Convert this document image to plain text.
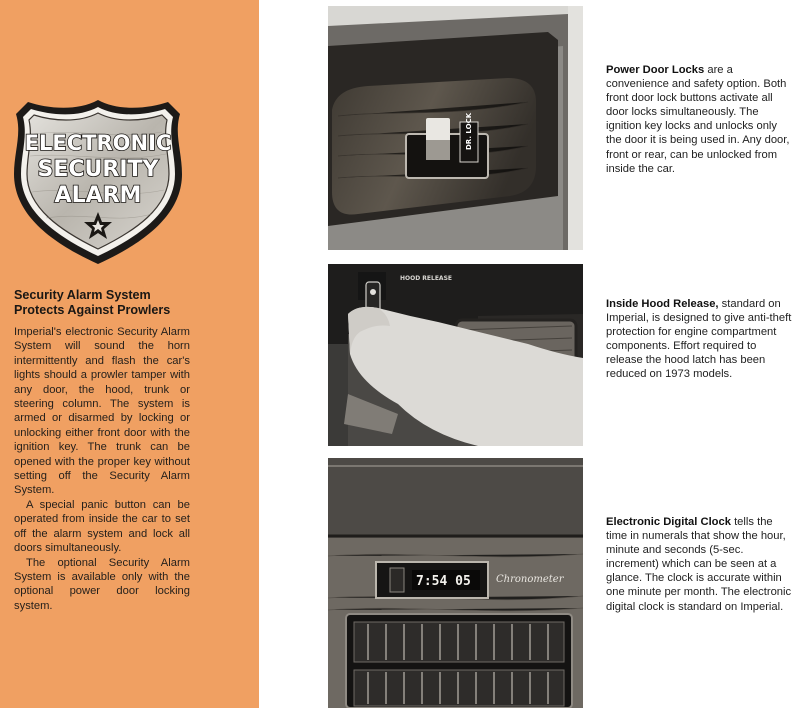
ELECTRONIC
SECURITY
ALARM
Security Alarm System
Protects Against Prowlers

Imperial's electronic Security Alarm System will sound the horn intermittently and flash the car's lights should a prowler tamper with any door, the hood, trunk or steering column. The system is armed or disarmed by locking or unlocking either front door with the ignition key. The trunk can be opened with the proper key without setting off the Security Alarm System.

A special panic button can be operated from inside the car to set off the alarm system and lock all doors simultaneously.

The optional Security Alarm System is available only with the optional power door locking system.

DR. LOCK
HOOD RELEASE
7:54 05	Chronometer
Power Door Locks are a convenience and safety option. Both front door lock buttons activate all door locks simultaneously. The ignition key locks and unlocks only the door it is being used in. Any door, front or rear, can be unlocked from inside the car.
Inside Hood Release, standard on Imperial, is designed to give anti-theft protection for engine compartment components. Effort required to release the hood latch has been reduced on 1973 models.
Electronic Digital Clock tells the time in numerals that show the hour, minute and seconds (5-sec. increment) which can be seen at a glance. The clock is accurate within one minute per month. The electronic digital clock is standard on Imperial.
